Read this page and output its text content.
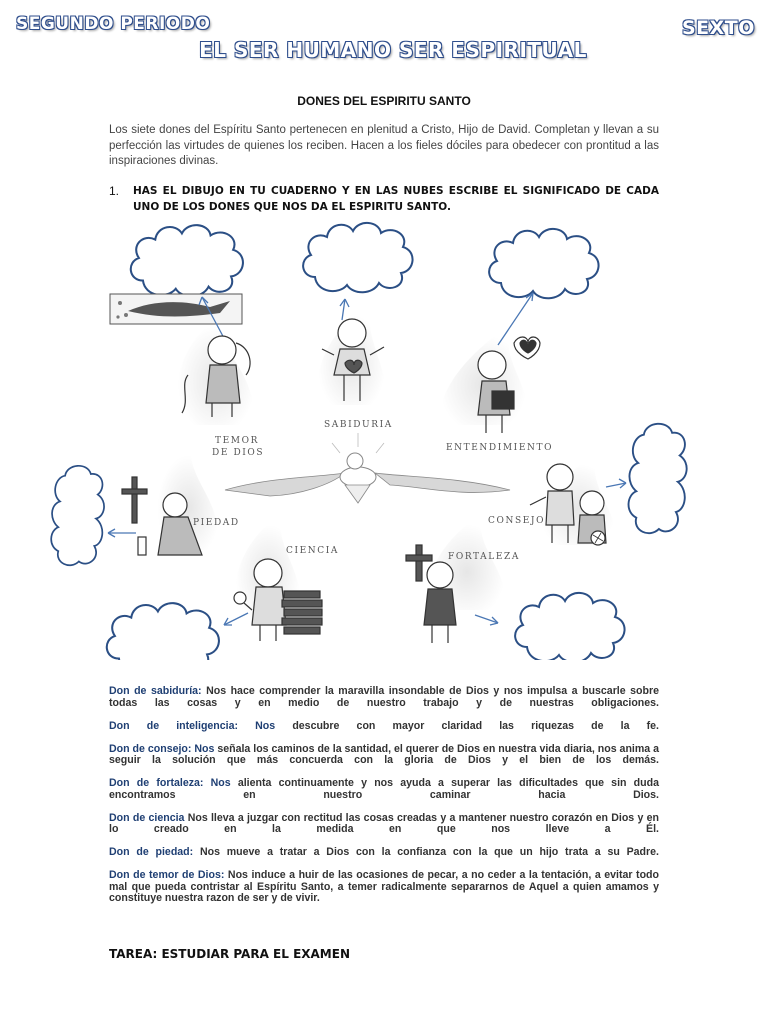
SEGUNDO PERIODO	SEXTO
EL SER HUMANO SER ESPIRITUAL
DONES DEL ESPIRITU SANTO

Los siete dones del Espíritu Santo pertenecen en plenitud a Cristo, Hijo de David. Completan y llevan a su perfección las virtudes de quienes los reciben. Hacen a los fieles dóciles para obedecer con prontitud a las inspiraciones divinas.

1. HAS EL DIBUJO EN TU CUADERNO Y EN LAS NUBES ESCRIBE EL SIGNIFICADO DE CADA UNO DE LOS DONES QUE NOS DA EL ESPIRITU SANTO.
TEMOR
DE DIOS
SABIDURIA
ENTENDIMIENTO
PIEDAD	CONSEJO
CIENCIA
FORTALEZA
Don de sabiduría: Nos hace comprender la maravilla insondable de Dios y nos impulsa a buscarle sobre todas las cosas y en medio de nuestro trabajo y de nuestras obligaciones.
Don de inteligencia: Nos descubre con mayor claridad las riquezas de la fe.
Don de consejo: Nos señala los caminos de la santidad, el querer de Dios en nuestra vida diaria, nos anima a seguir la solución que más concuerda con la gloria de Dios y el bien de los demás.
Don de fortaleza: Nos alienta continuamente y nos ayuda a superar las dificultades que sin duda encontramos en nuestro caminar hacia Dios.
Don de ciencia Nos lleva a juzgar con rectitud las cosas creadas y a mantener nuestro corazón en Dios y en lo creado en la medida en que nos lleve a Él.
Don de piedad: Nos mueve a tratar a Dios con la confianza con la que un hijo trata a su Padre.
Don de temor de Dios: Nos induce a huir de las ocasiones de pecar, a no ceder a la tentación, a evitar todo mal que pueda contristar al Espíritu Santo, a temer radicalmente separarnos de Aquel a quien amamos y constituye nuestra razon de ser y de vivir.
TAREA: ESTUDIAR PARA EL EXAMEN
